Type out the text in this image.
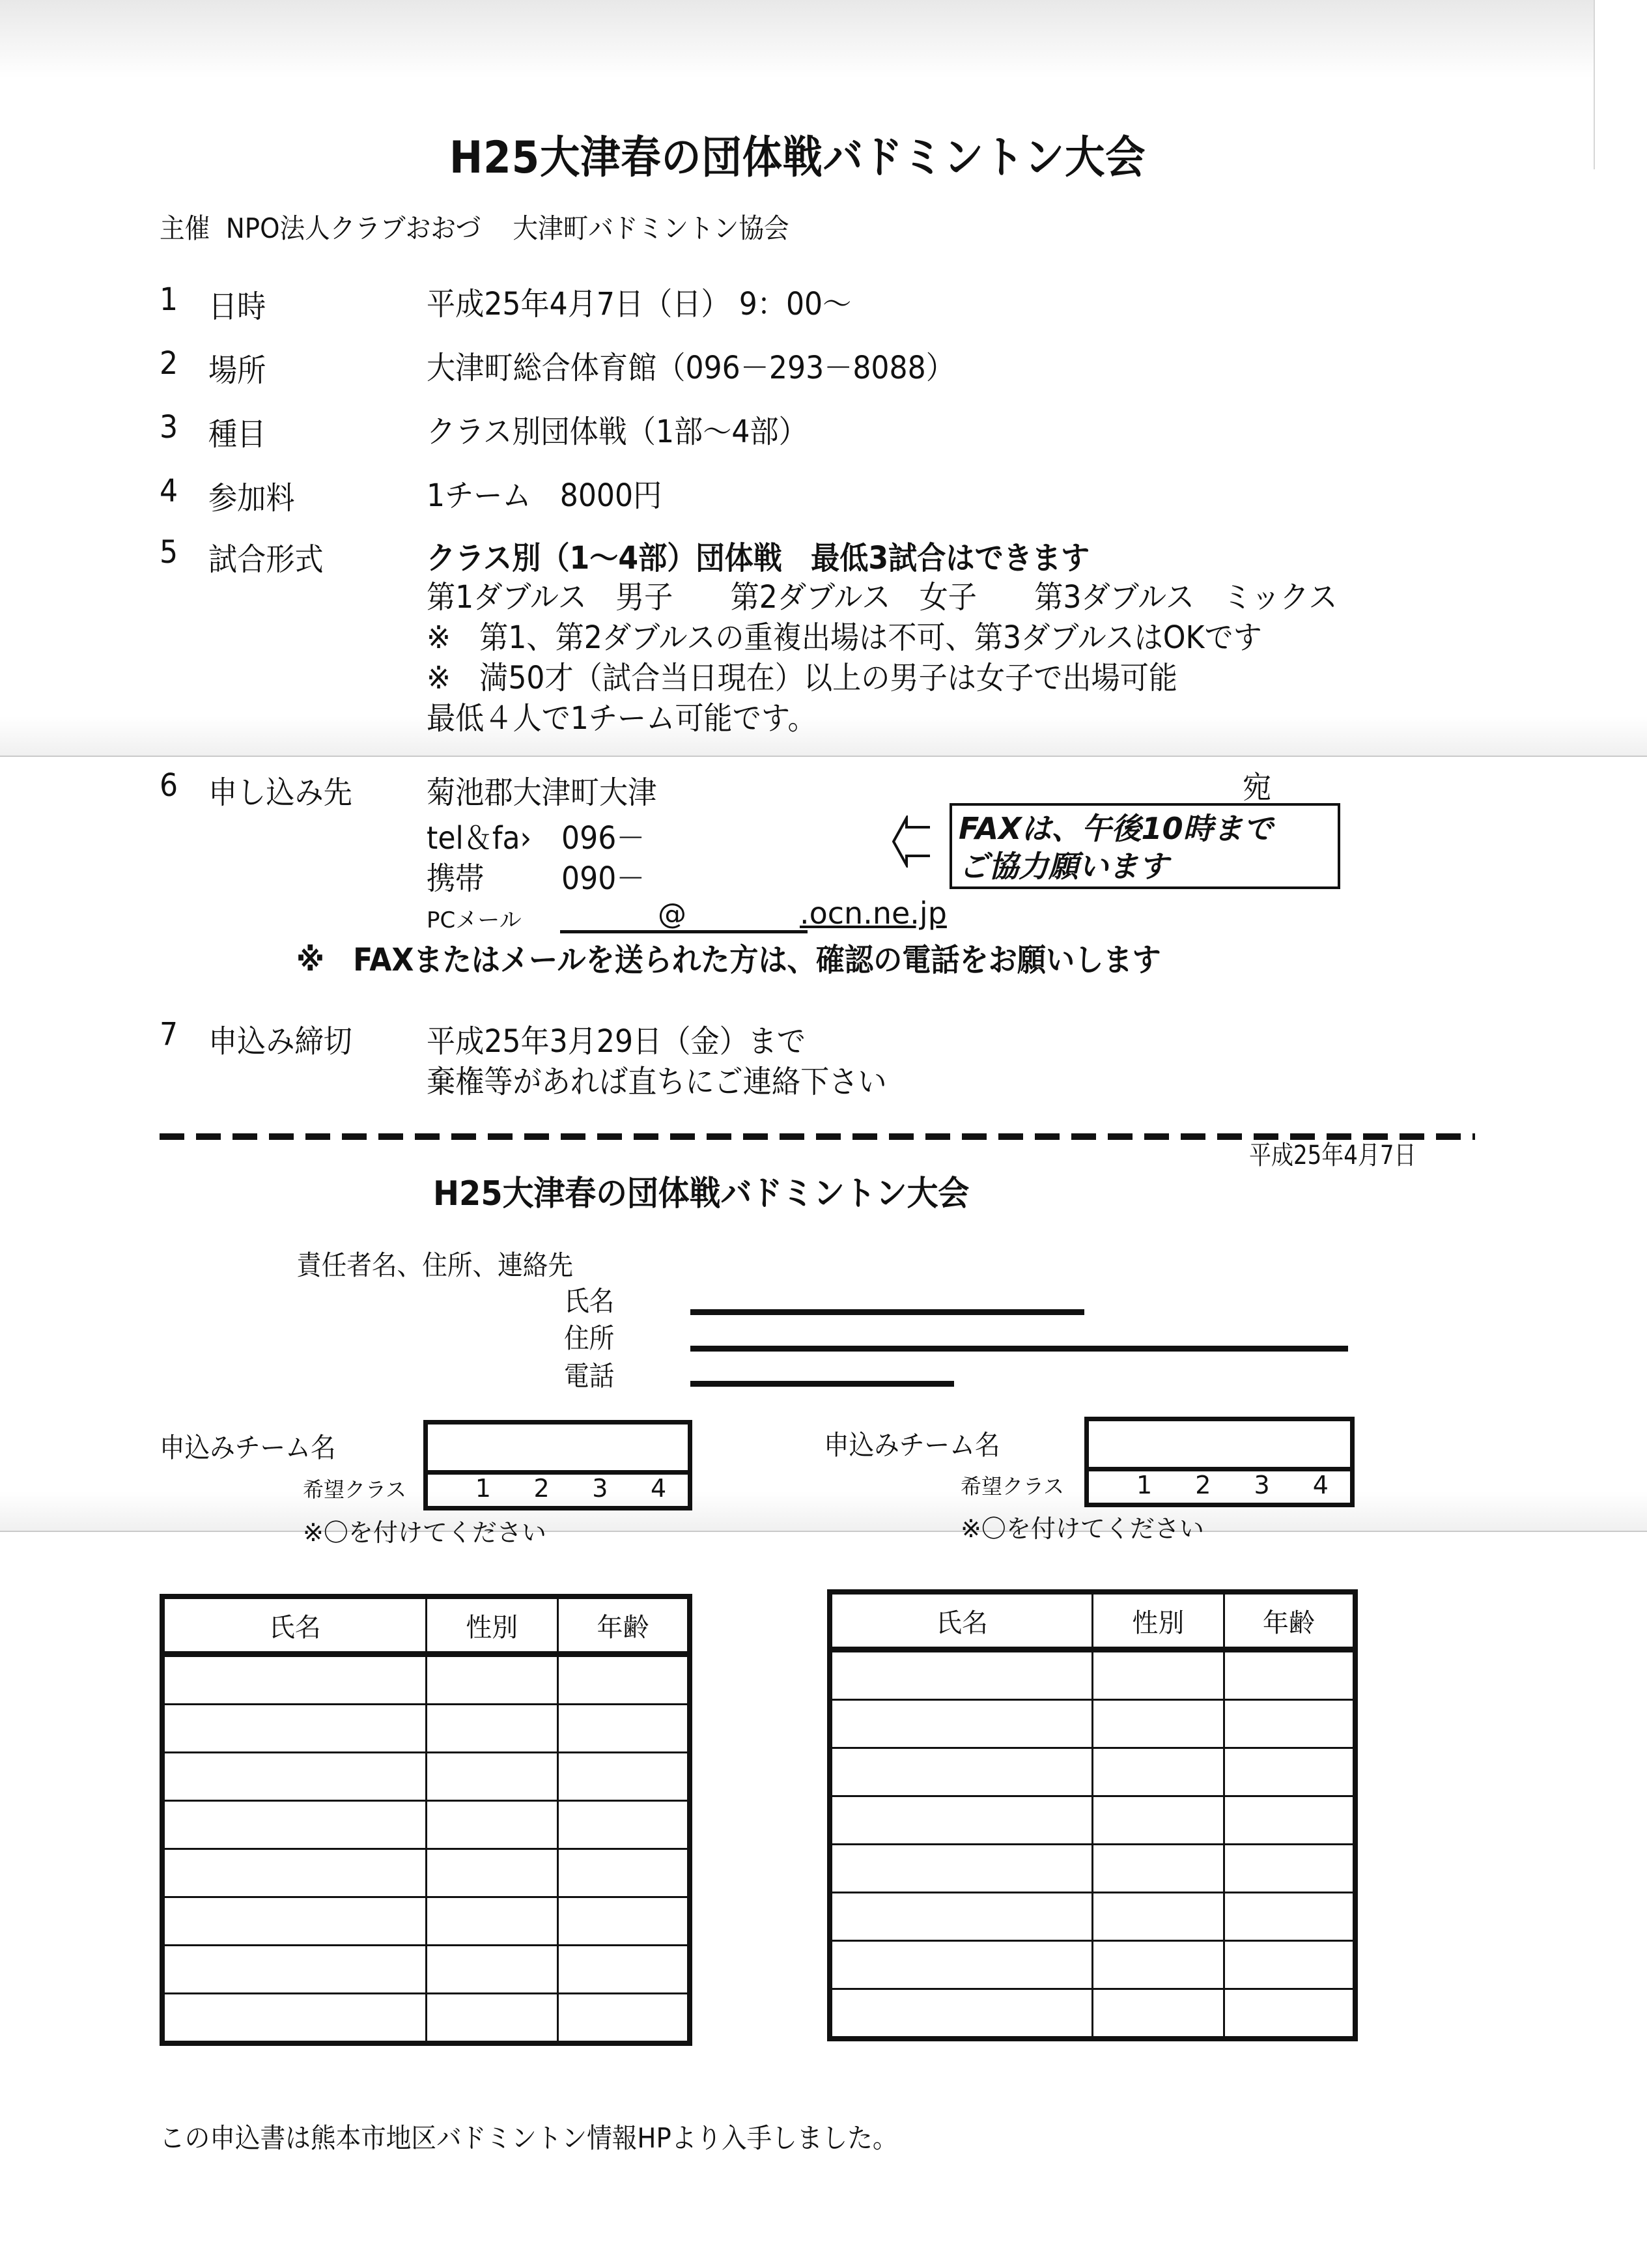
H25大津春の団体戦バドミントン大会
主催 NPO法人クラブおおづ 大津町バドミントン協会
1 日時	平成25年4月7日（日） 9：00～
2 場所	大津町総合体育館（096－293－8088）
3 種目	クラス別団体戦（1部～4部）
4 参加料	1チーム　8000円
5 試合形式	クラス別（1～4部）団体戦　最低3試合はできます
第1ダブルス　男子　　第2ダブルス　女子　　第3ダブルス　ミックス
※　第1、第2ダブルスの重複出場は不可、第3ダブルスはOKです
※　満50才（試合当日現在）以上の男子は女子で出場可能
最低４人で1チーム可能です。
6 申し込み先 菊池郡大津町大津	宛
tel＆fa› 096－
携帯 090－
PCメール	@	.ocn.ne.jp
FAXは、午後10時まで
ご協力願います
※　FAXまたはメールを送られた方は、確認の電話をお願いします
7 申込み締切 平成25年3月29日（金）まで
棄権等があれば直ちにご連絡下さい
平成25年4月7日
H25大津春の団体戦バドミントン大会
責任者名、住所、連絡先
氏名
住所
電話
申込みチーム名
希望クラス	1 2 3 4
※〇を付けてください
申込みチーム名
希望クラス	1 2 3 4
※〇を付けてください
氏名	性別	年齢

			氏名	性別	年齢

この申込書は熊本市地区バドミントン情報HPより入手しました。
